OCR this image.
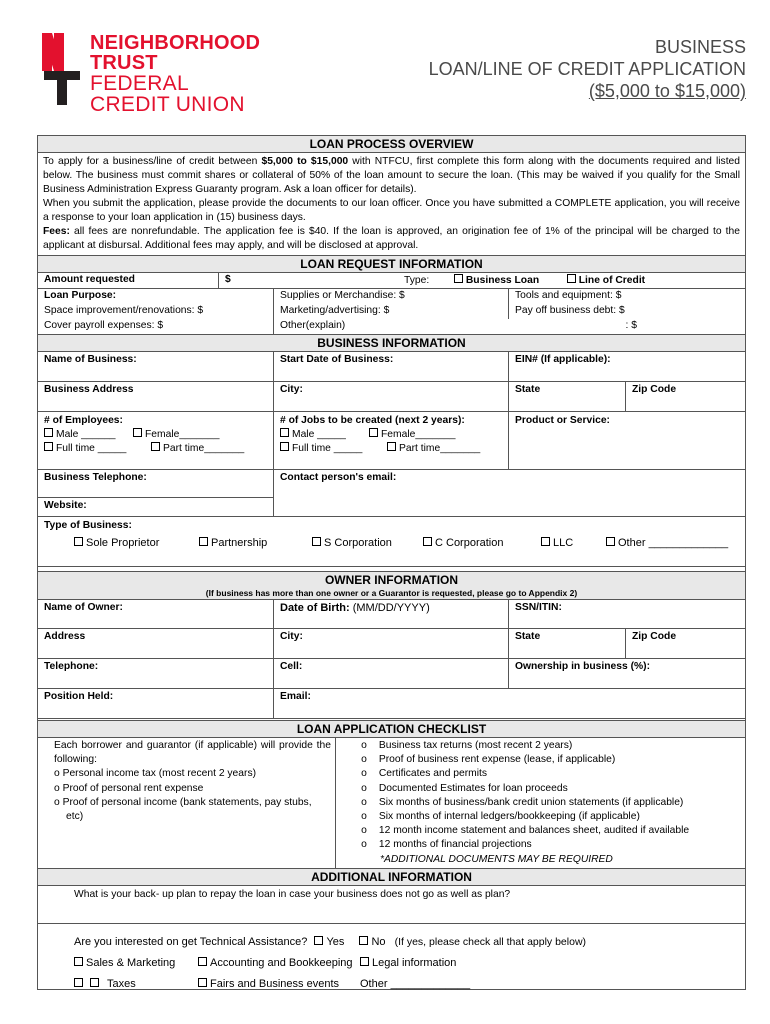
NEIGHBORHOOD
TRUST
FEDERAL
CREDIT UNION
BUSINESS
LOAN/LINE OF CREDIT APPLICATION
($5,000 to $15,000)
LOAN PROCESS OVERVIEW
To apply for a business/line of credit between $5,000 to $15,000 with NTFCU, first complete this form along with the documents required and listed below. The business must commit shares or collateral of 50% of the loan amount to secure the loan. (This may be waived if you qualify for the Small Business Administration Express Guaranty program. Ask a loan officer for details).
When you submit the application, please provide the documents to our loan officer. Once you have submitted a COMPLETE application, you will receive a response to your loan application in (15) business days.
Fees: all fees are nonrefundable. The application fee is $40. If the loan is approved, an origination fee of 1% of the principal will be charged to the applicant at disbursal. Additional fees may apply, and will be disclosed at approval.
LOAN REQUEST INFORMATION
Amount requested	$	Type:	Business Loan	Line of Credit
Loan Purpose:	Supplies or Merchandise: $	Tools and equipment: $
Space improvement/renovations: $	Marketing/advertising: $	Pay off business debt: $
Cover payroll expenses: $	Other(explain)	: $
BUSINESS INFORMATION
Name of Business:	Start Date of Business:	EIN# (If applicable):
Business Address	City:	State	Zip Code
# of Employees:
Male ______	Female_______
Full time _____	Part time_______
# of Jobs to be created (next 2 years):
Male _____	Female_______
Full time _____	Part time_______
Product or Service:
Business Telephone:
Website:
Contact person's email:
Type of Business:
Sole Proprietor	Partnership	S Corporation	C Corporation	LLC	Other _____________
OWNER INFORMATION
(If business has more than one owner or a Guarantor is requested, please go to Appendix 2)
Name of Owner:	Date of Birth: (MM/DD/YYYY)	SSN/ITIN:
Address	City:	State	Zip Code
Telephone:	Cell:	Ownership in business (%):
Position Held:	Email:
LOAN APPLICATION CHECKLIST
Each borrower and guarantor (if applicable) will provide the following:
o Personal income tax (most recent 2 years)
o Proof of personal rent expense
o Proof of personal income (bank statements, pay stubs,
etc)
o Business tax returns (most recent 2 years)
o Proof of business rent expense (lease, if applicable)
o Certificates and permits
o Documented Estimates for loan proceeds
o Six months of business/bank credit union statements (if applicable)
o Six months of internal ledgers/bookkeeping (if applicable)
o 12 month income statement and balances sheet, audited if available
o 12 months of financial projections
*ADDITIONAL DOCUMENTS MAY BE REQUIRED
ADDITIONAL INFORMATION
What is your back- up plan to repay the loan in case your business does not go as well as plan?
Are you interested on get Technical Assistance? Yes No (If yes, please check all that apply below)
Sales & Marketing	Accounting and Bookkeeping	Legal information
Taxes	Fairs and Business events Other _____________
